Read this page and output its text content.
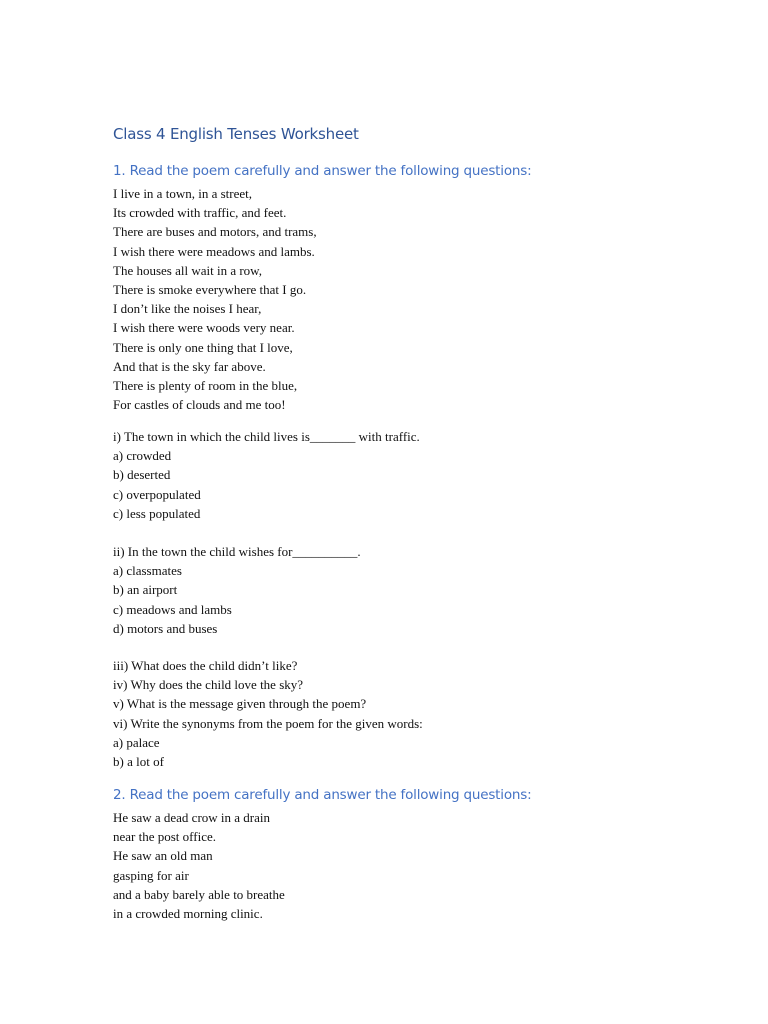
Class 4 English Tenses Worksheet
1. Read the poem carefully and answer the following questions:
I live in a town, in a street,
Its crowded with traffic, and feet.
There are buses and motors, and trams,
I wish there were meadows and lambs.
The houses all wait in a row,
There is smoke everywhere that I go.
I don’t like the noises I hear,
I wish there were woods very near.
There is only one thing that I love,
And that is the sky far above.
There is plenty of room in the blue,
For castles of clouds and me too!
i) The town in which the child lives is_______ with traffic.
a) crowded
b) deserted
c) overpopulated
c) less populated
ii) In the town the child wishes for__________.
a) classmates
b) an airport
c) meadows and lambs
d) motors and buses
iii) What does the child didn’t like?
iv) Why does the child love the sky?
v) What is the message given through the poem?
vi) Write the synonyms from the poem for the given words:
a) palace
b) a lot of
2. Read the poem carefully and answer the following questions:
He saw a dead crow in a drain
near the post office.
He saw an old man
gasping for air
and a baby barely able to breathe
in a crowded morning clinic.
